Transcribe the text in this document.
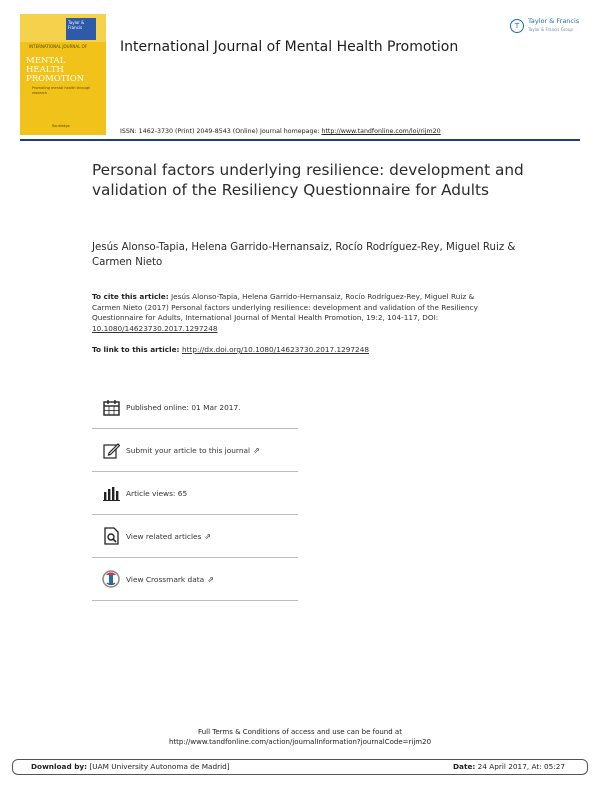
Taylor & Francis
INTERNATIONAL JOURNAL OF
MENTAL HEALTH PROMOTION
Promoting mental health through research
Routledge
International Journal of Mental Health Promotion
T
Taylor & Francis
Taylor & Francis Group
ISSN: 1462-3730 (Print) 2049-8543 (Online) Journal homepage: http://www.tandfonline.com/loi/rijm20
Personal factors underlying resilience: development and validation of the Resiliency Questionnaire for Adults
Jesús Alonso-Tapia, Helena Garrido-Hernansaiz, Rocío Rodríguez-Rey, Miguel Ruiz & Carmen Nieto
To cite this article: Jesús Alonso-Tapia, Helena Garrido-Hernansaiz, Rocío Rodríguez-Rey, Miguel Ruiz & Carmen Nieto (2017) Personal factors underlying resilience: development and validation of the Resiliency Questionnaire for Adults, International Journal of Mental Health Promotion, 19:2, 104-117, DOI: 10.1080/14623730.2017.1297248
To link to this article: http://dx.doi.org/10.1080/14623730.2017.1297248
Published online: 01 Mar 2017.
Submit your article to this journal ⇗
Article views: 65
View related articles ⇗
View Crossmark data ⇗
Full Terms & Conditions of access and use can be found at
http://www.tandfonline.com/action/journalInformation?journalCode=rijm20
Download by: [UAM University Autonoma de Madrid]	Date: 24 April 2017, At: 05:27
